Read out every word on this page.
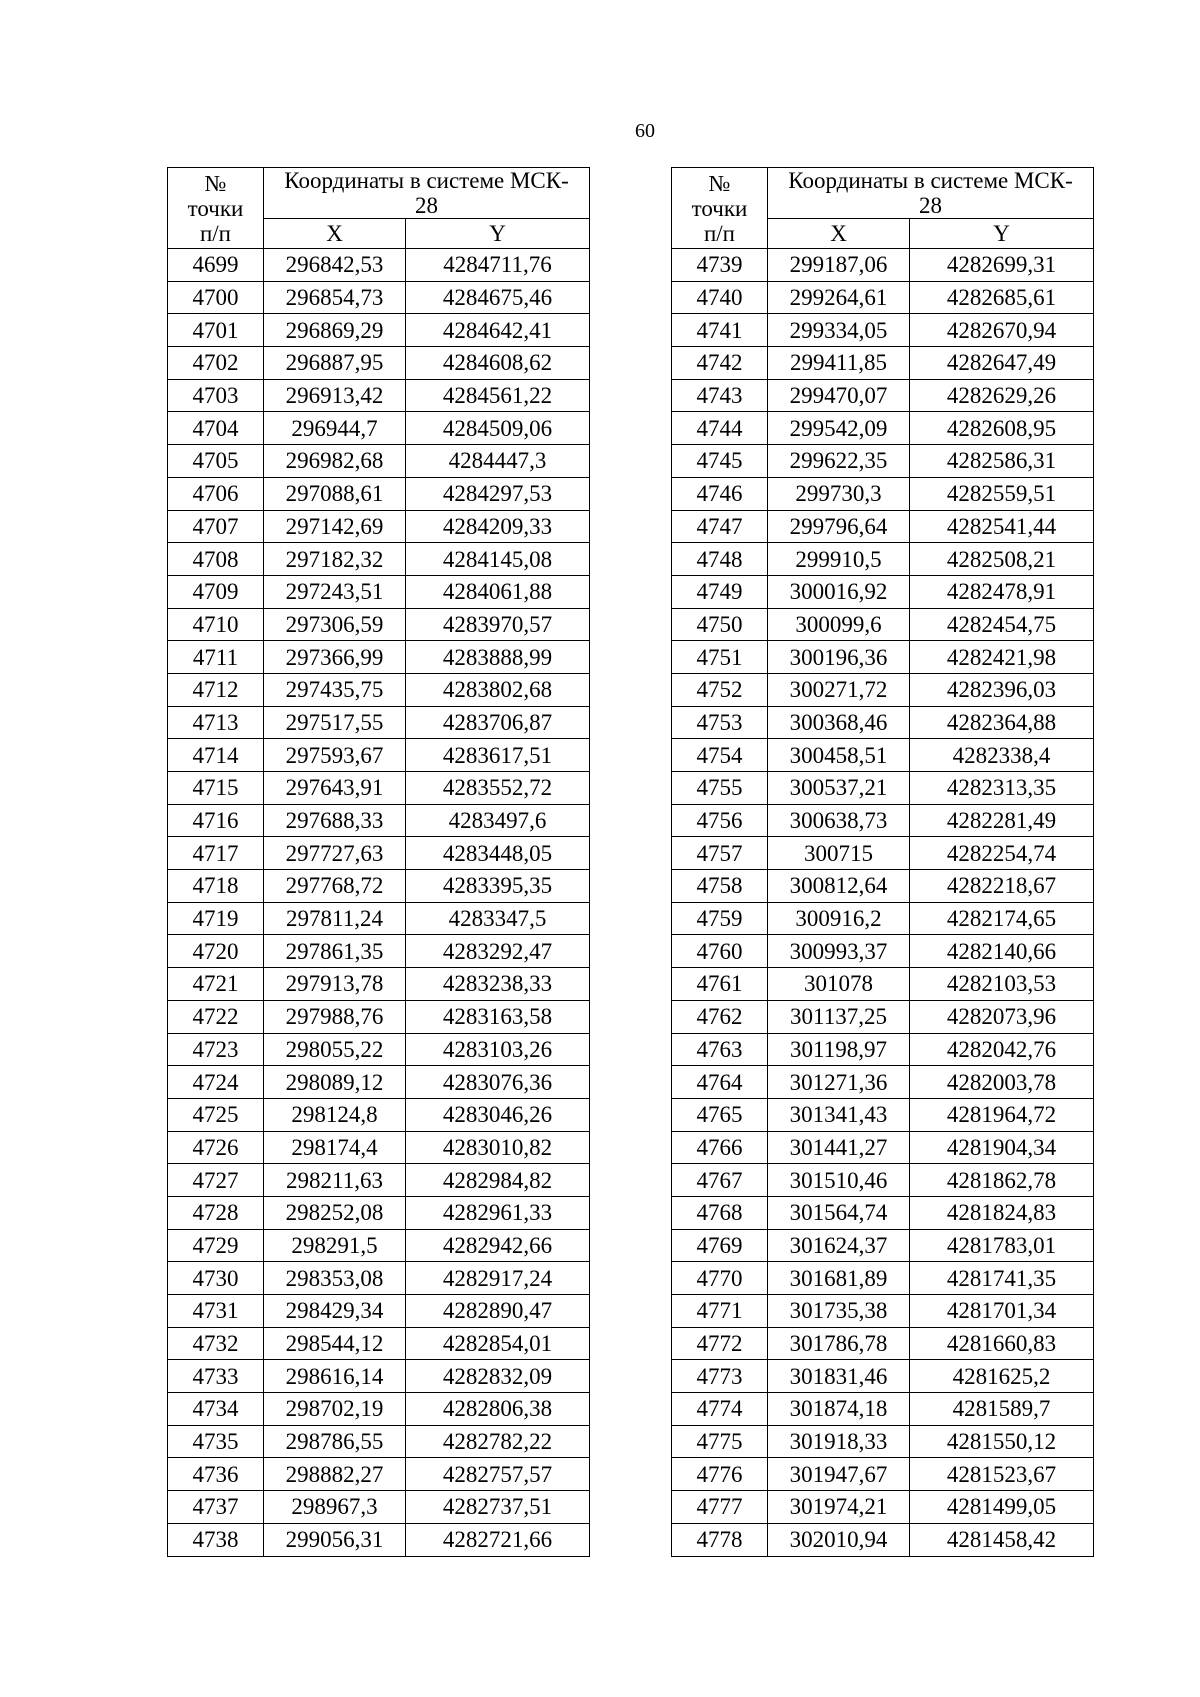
60
№
точки
п/п	Координаты в системе МСК-
28	
	X	Y
4699	296842,53	4284711,76
4700	296854,73	4284675,46
4701	296869,29	4284642,41
4702	296887,95	4284608,62
4703	296913,42	4284561,22
4704	296944,7	4284509,06
4705	296982,68	4284447,3
4706	297088,61	4284297,53
4707	297142,69	4284209,33
4708	297182,32	4284145,08
4709	297243,51	4284061,88
4710	297306,59	4283970,57
4711	297366,99	4283888,99
4712	297435,75	4283802,68
4713	297517,55	4283706,87
4714	297593,67	4283617,51
4715	297643,91	4283552,72
4716	297688,33	4283497,6
4717	297727,63	4283448,05
4718	297768,72	4283395,35
4719	297811,24	4283347,5
4720	297861,35	4283292,47
4721	297913,78	4283238,33
4722	297988,76	4283163,58
4723	298055,22	4283103,26
4724	298089,12	4283076,36
4725	298124,8	4283046,26
4726	298174,4	4283010,82
4727	298211,63	4282984,82
4728	298252,08	4282961,33
4729	298291,5	4282942,66
4730	298353,08	4282917,24
4731	298429,34	4282890,47
4732	298544,12	4282854,01
4733	298616,14	4282832,09
4734	298702,19	4282806,38
4735	298786,55	4282782,22
4736	298882,27	4282757,57
4737	298967,3	4282737,51
4738	299056,31	4282721,66
№
точки
п/п	Координаты в системе МСК-
28	
	X	Y
4739	299187,06	4282699,31
4740	299264,61	4282685,61
4741	299334,05	4282670,94
4742	299411,85	4282647,49
4743	299470,07	4282629,26
4744	299542,09	4282608,95
4745	299622,35	4282586,31
4746	299730,3	4282559,51
4747	299796,64	4282541,44
4748	299910,5	4282508,21
4749	300016,92	4282478,91
4750	300099,6	4282454,75
4751	300196,36	4282421,98
4752	300271,72	4282396,03
4753	300368,46	4282364,88
4754	300458,51	4282338,4
4755	300537,21	4282313,35
4756	300638,73	4282281,49
4757	300715	4282254,74
4758	300812,64	4282218,67
4759	300916,2	4282174,65
4760	300993,37	4282140,66
4761	301078	4282103,53
4762	301137,25	4282073,96
4763	301198,97	4282042,76
4764	301271,36	4282003,78
4765	301341,43	4281964,72
4766	301441,27	4281904,34
4767	301510,46	4281862,78
4768	301564,74	4281824,83
4769	301624,37	4281783,01
4770	301681,89	4281741,35
4771	301735,38	4281701,34
4772	301786,78	4281660,83
4773	301831,46	4281625,2
4774	301874,18	4281589,7
4775	301918,33	4281550,12
4776	301947,67	4281523,67
4777	301974,21	4281499,05
4778	302010,94	4281458,42
